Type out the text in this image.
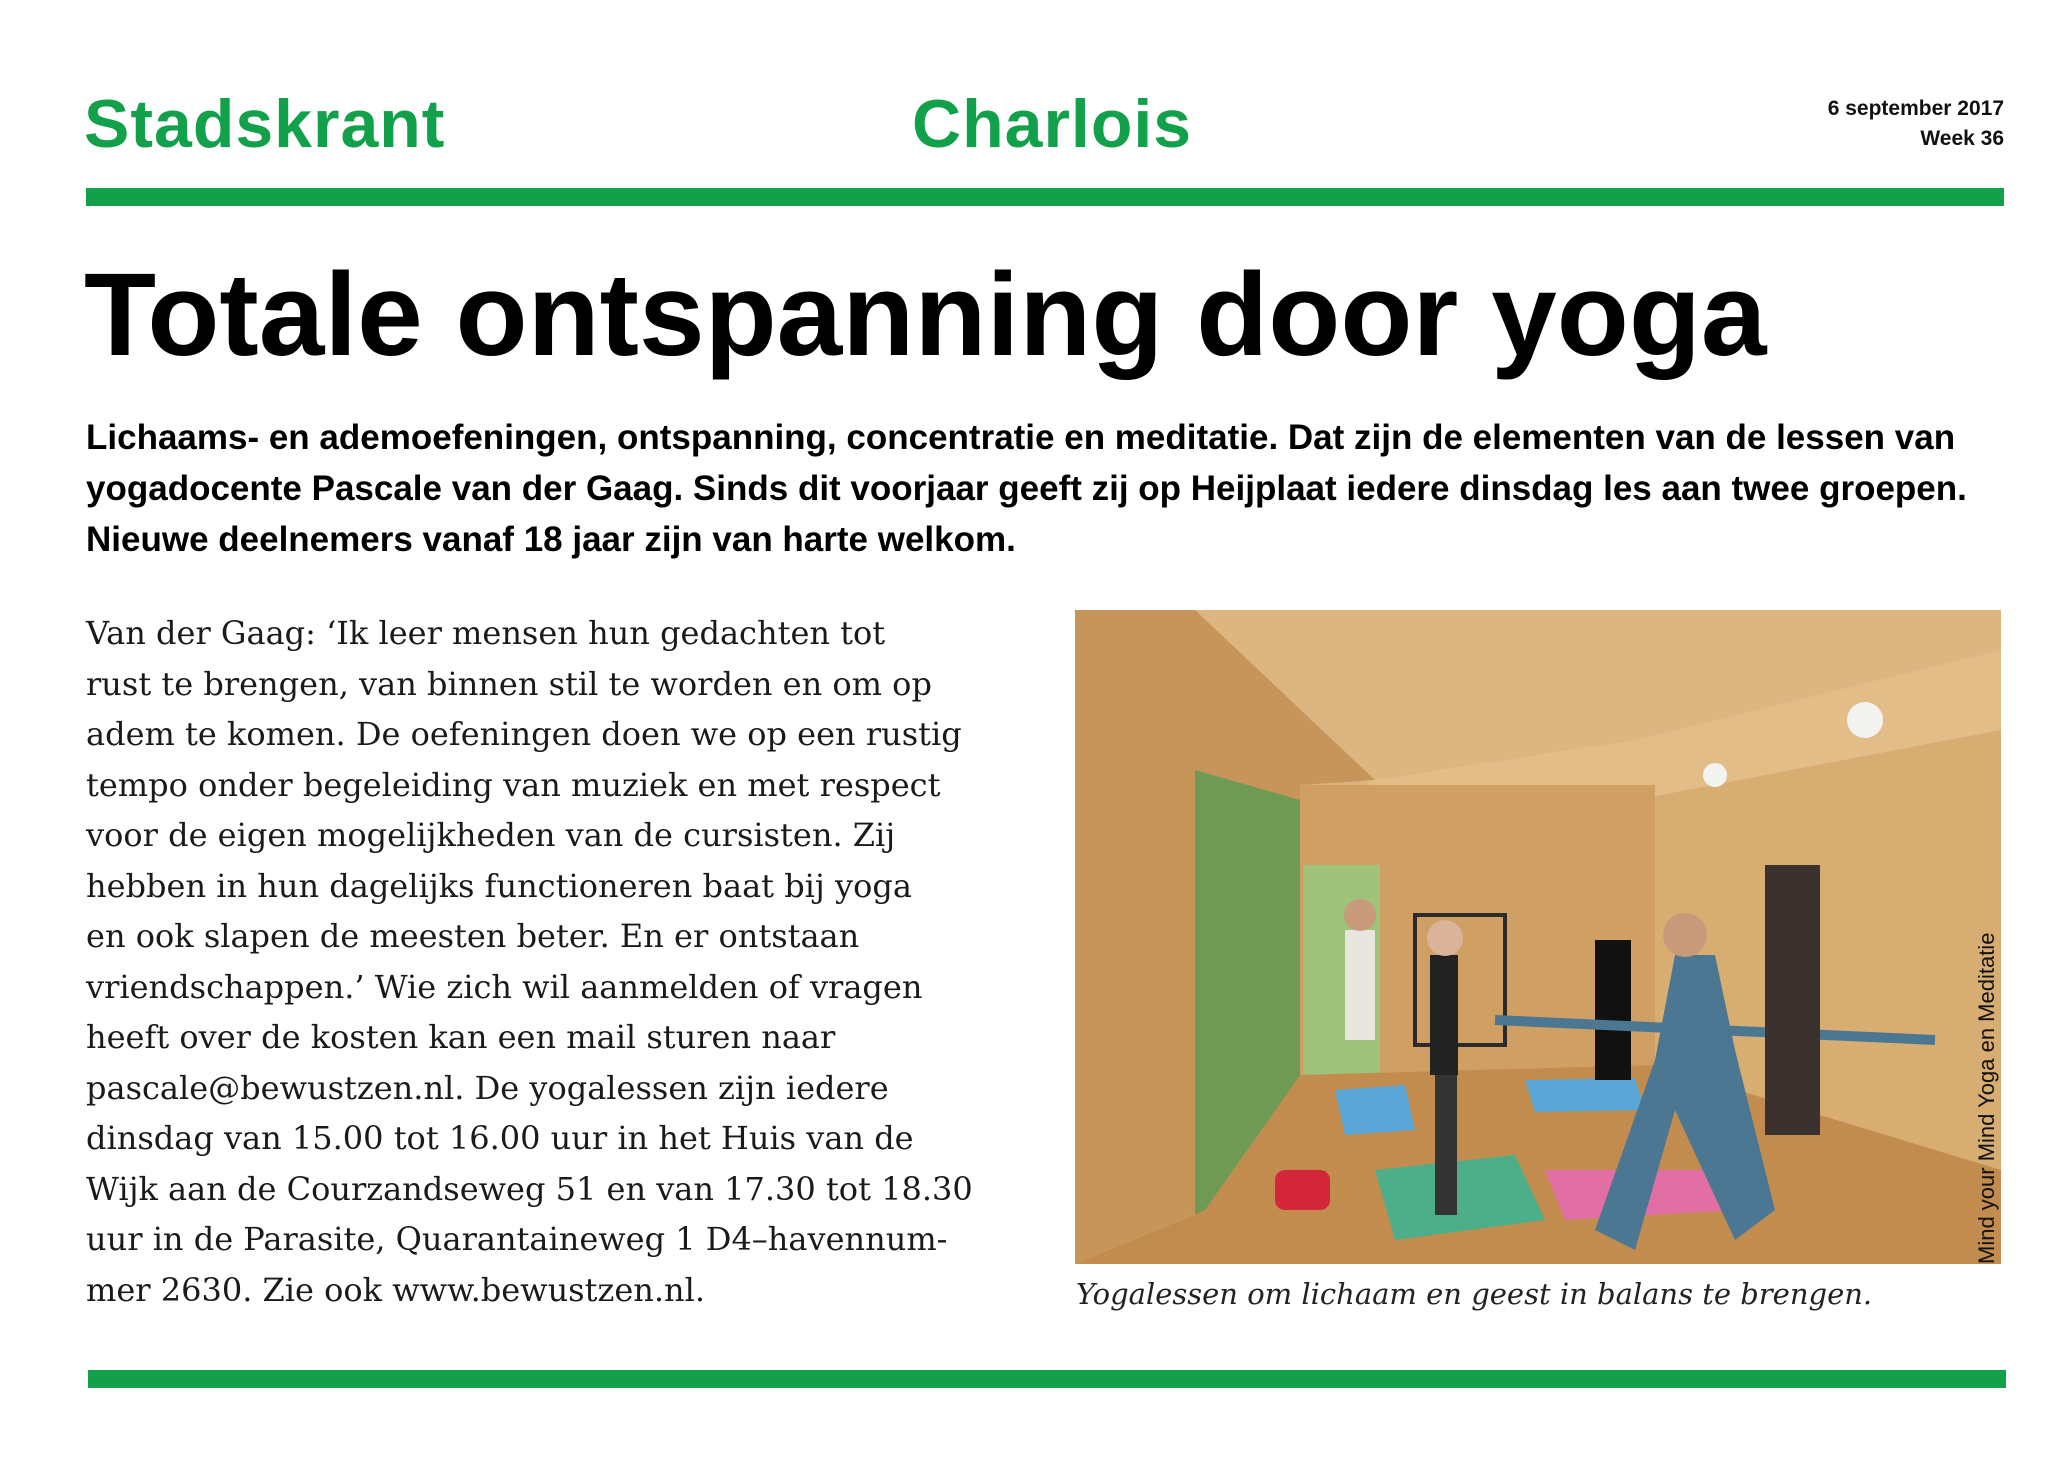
Stadskrant	Charlois	6 september 2017
Week 36
Totale ontspanning door yoga

Lichaams- en ademoefeningen, ontspanning, concentratie en meditatie. Dat zijn de elementen van de lessen van yogadocente Pascale van der Gaag. Sinds dit voorjaar geeft zij op Heijplaat iedere dinsdag les aan twee groepen. Nieuwe deelnemers vanaf 18 jaar zijn van harte welkom.

Van der Gaag: ‘Ik leer mensen hun gedachten tot
rust te brengen, van binnen stil te worden en om op
adem te komen. De oefeningen doen we op een rustig
tempo onder begeleiding van muziek en met respect
voor de eigen mogelijkheden van de cursisten. Zij
hebben in hun dagelijks functioneren baat bij yoga
en ook slapen de meesten beter. En er ontstaan
vriendschappen.’ Wie zich wil aanmelden of vragen
heeft over de kosten kan een mail sturen naar
pascale@bewustzen.nl. De yogalessen zijn iedere
dinsdag van 15.00 tot 16.00 uur in het Huis van de
Wijk aan de Courzandseweg 51 en van 17.30 tot 18.30
uur in de Parasite, Quarantaineweg 1 D4–havennum-
mer 2630. Zie ook www.bewustzen.nl.

Mind your Mind Yoga en Meditatie
Yogalessen om lichaam en geest in balans te brengen.
